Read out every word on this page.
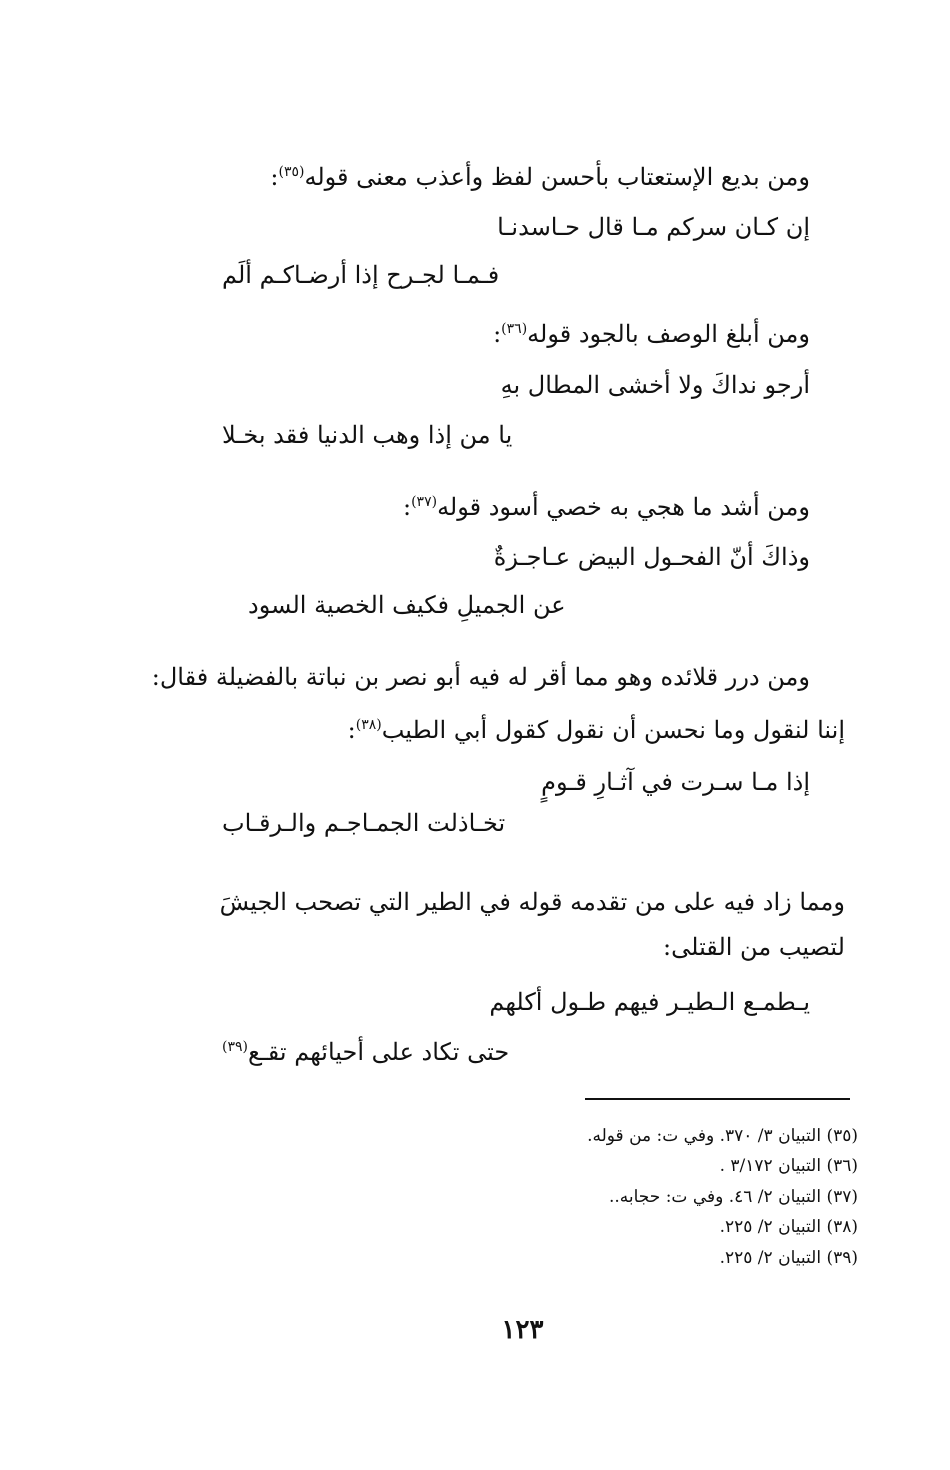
ومن بديع الإستعتاب بأحسن لفظ وأعذب معنى قوله$^{(٣٥)}$:
إن كـان سركم مـا قال حـاسدنـا
فـمـا لجـرح إذا أرضـاكـم ألَم
ومن أبلغ الوصف بالجود قوله$^{(٣٦)}$:
أرجو نداكَ ولا أخشى المطال بهِ
يا من إذا وهب الدنيا فقد بخـلا
ومن أشد ما هجي به خصي أسود قوله$^{(٣٧)}$:
وذاكَ أنّ الفحـول البيض عـاجـزةٌ
عن الجميلِ فكيف الخصية السود
ومن درر قلائده وهو مما أقر له فيه أبو نصر بن نباتة بالفضيلة فقال:
إننا لنقول وما نحسن أن نقول كقول أبي الطيب$^{(٣٨)}$:
إذا مـا سـرت في آثـارِ قـومٍ
تخـاذلت الجمـاجـم والـرقـاب
ومما زاد فيه على من تقدمه قوله في الطير التي تصحب الجيشَ
لتصيب من القتلى:
يـطمـع الـطيـر فيهم طـول أكلهم
حتى تكاد على أحيائهم تقـع$^{(٣٩)}$
(٣٥) التبيان ٣/ ٣٧٠. وفي ت: من قوله.
(٣٦) التبيان ٣/١٧٢ .
(٣٧) التبيان ٢/ ٤٦. وفي ت: حجابه..
(٣٨) التبيان ٢/ ٢٢٥.
(٣٩) التبيان ٢/ ٢٢٥.
١٢٣
